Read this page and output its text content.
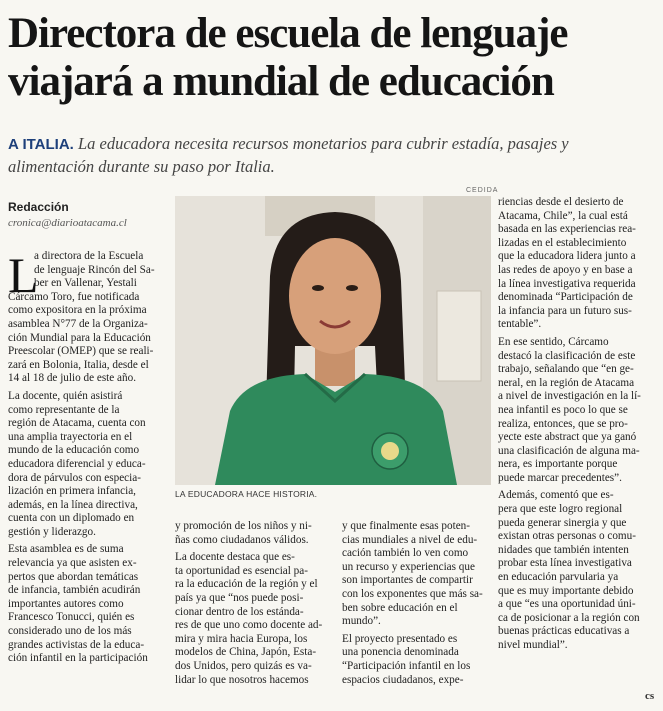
Directora de escuela de lenguaje
viajará a mundial de educación
A ITALIA. La educadora necesita recursos monetarios para cubrir estadía, pasajes y
alimentación durante su paso por Italia.
Redacción
cronica@diarioatacama.cl
CEDIDA
L
a directora de la Escuela
de lenguaje Rincón del Sa-
ber en Vallenar, Yestali
Cárcamo Toro, fue notificada
como expositora en la próxima
asamblea N°77 de la Organiza-
ción Mundial para la Educación
Preescolar (OMEP) que se reali-
zará en Bolonia, Italia, desde el
14 al 18 de julio de este año.
La docente, quién asistirá
como representante de la
región de Atacama, cuenta con
una amplia trayectoria en el
mundo de la educación como
educadora diferencial y educa-
dora de párvulos con especia-
lización en primera infancia,
además, en la línea directiva,
cuenta con un diplomado en
gestión y liderazgo.
Esta asamblea es de suma
relevancia ya que asisten ex-
pertos que abordan temáticas
de infancia, también acudirán
importantes autores como
Francesco Tonucci, quién es
considerado uno de los más
grandes activistas de la educa-
ción infantil en la participación
y promoción de los niños y ni-
ñas como ciudadanos válidos.
La docente destaca que es-
ta oportunidad es esencial pa-
ra la educación de la región y el
país ya que “nos puede posi-
cionar dentro de los estánda-
res de que uno como docente ad-
mira y mira hacia Europa, los
modelos de China, Japón, Esta-
dos Unidos, pero quizás es va-
lidar lo que nosotros hacemos
y que finalmente esas poten-
cias mundiales a nivel de edu-
cación también lo ven como
un recurso y experiencias que
son importantes de compartir
con los exponentes que más sa-
ben sobre educación en el
mundo”.
El proyecto presentado es
una ponencia denominada
“Participación infantil en los
espacios ciudadanos, expe-
riencias desde el desierto de
Atacama, Chile”, la cual está
basada en las experiencias rea-
lizadas en el establecimiento
que la educadora lidera junto a
las redes de apoyo y en base a
la línea investigativa requerida
denominada “Participación de
la infancia para un futuro sus-
tentable”.
En ese sentido, Cárcamo
destacó la clasificación de este
trabajo, señalando que “en ge-
neral, en la región de Atacama
a nivel de investigación en la lí-
nea infantil es poco lo que se
realiza, entonces, que se pro-
yecte este abstract que ya ganó
una clasificación de alguna ma-
nera, es importante porque
puede marcar precedentes”.
Además, comentó que es-
pera que este logro regional
pueda generar sinergia y que
existan otras personas o comu-
nidades que también intenten
probar esta línea investigativa
en educación parvularia ya
que es muy importante debido
a que “es una oportunidad úni-
ca de posicionar a la región con
buenas prácticas educativas a
nivel mundial”.
LA EDUCADORA HACE HISTORIA.
cs
